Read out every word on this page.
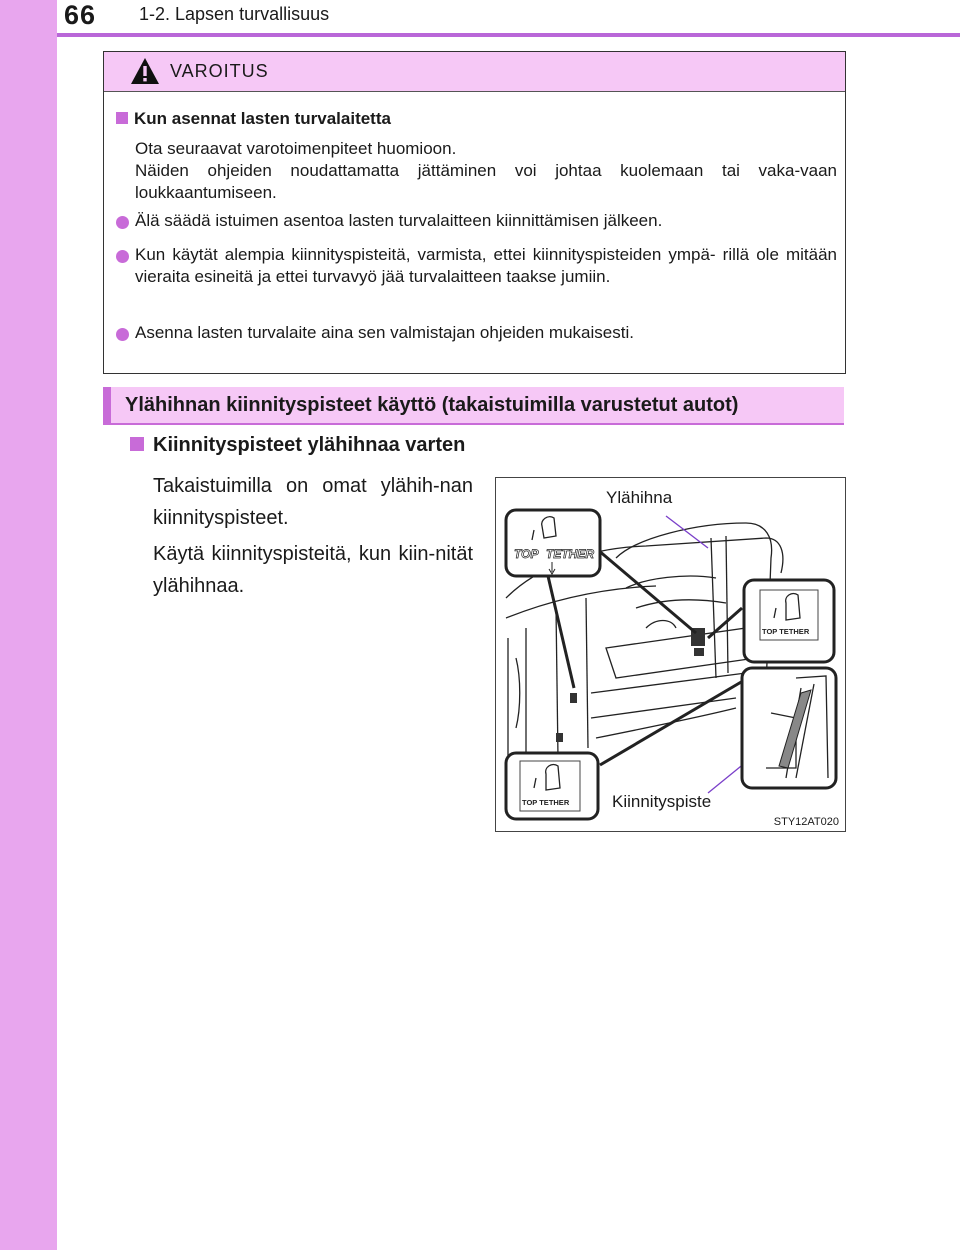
66 1-2. Lapsen turvallisuus
VAROITUS
Kun asennat lasten turvalaitetta
Ota seuraavat varotoimenpiteet huomioon.
Näiden ohjeiden noudattamatta jättäminen voi johtaa kuolemaan tai vaka-vaan loukkaantumiseen.
Älä säädä istuimen asentoa lasten turvalaitteen kiinnittämisen jälkeen.
Kun käytät alempia kiinnityspisteitä, varmista, ettei kiinnityspisteiden ympä- rillä ole mitään vieraita esineitä ja ettei turvavyö jää turvalaitteen taakse jumiin.
Asenna lasten turvalaite aina sen valmistajan ohjeiden mukaisesti.
Ylähihnan kiinnityspisteet käyttö (takaistuimilla varustetut autot)
Kiinnityspisteet ylähihnaa varten
Takaistuimilla on omat ylähih-nan kiinnityspisteet.
Käytä kiinnityspisteitä, kun kiin-nität ylähihnaa.
TOP TETHER
TOP TETHER
TOP TETHER
Ylähihna
Kiinnityspiste
STY12AT020
